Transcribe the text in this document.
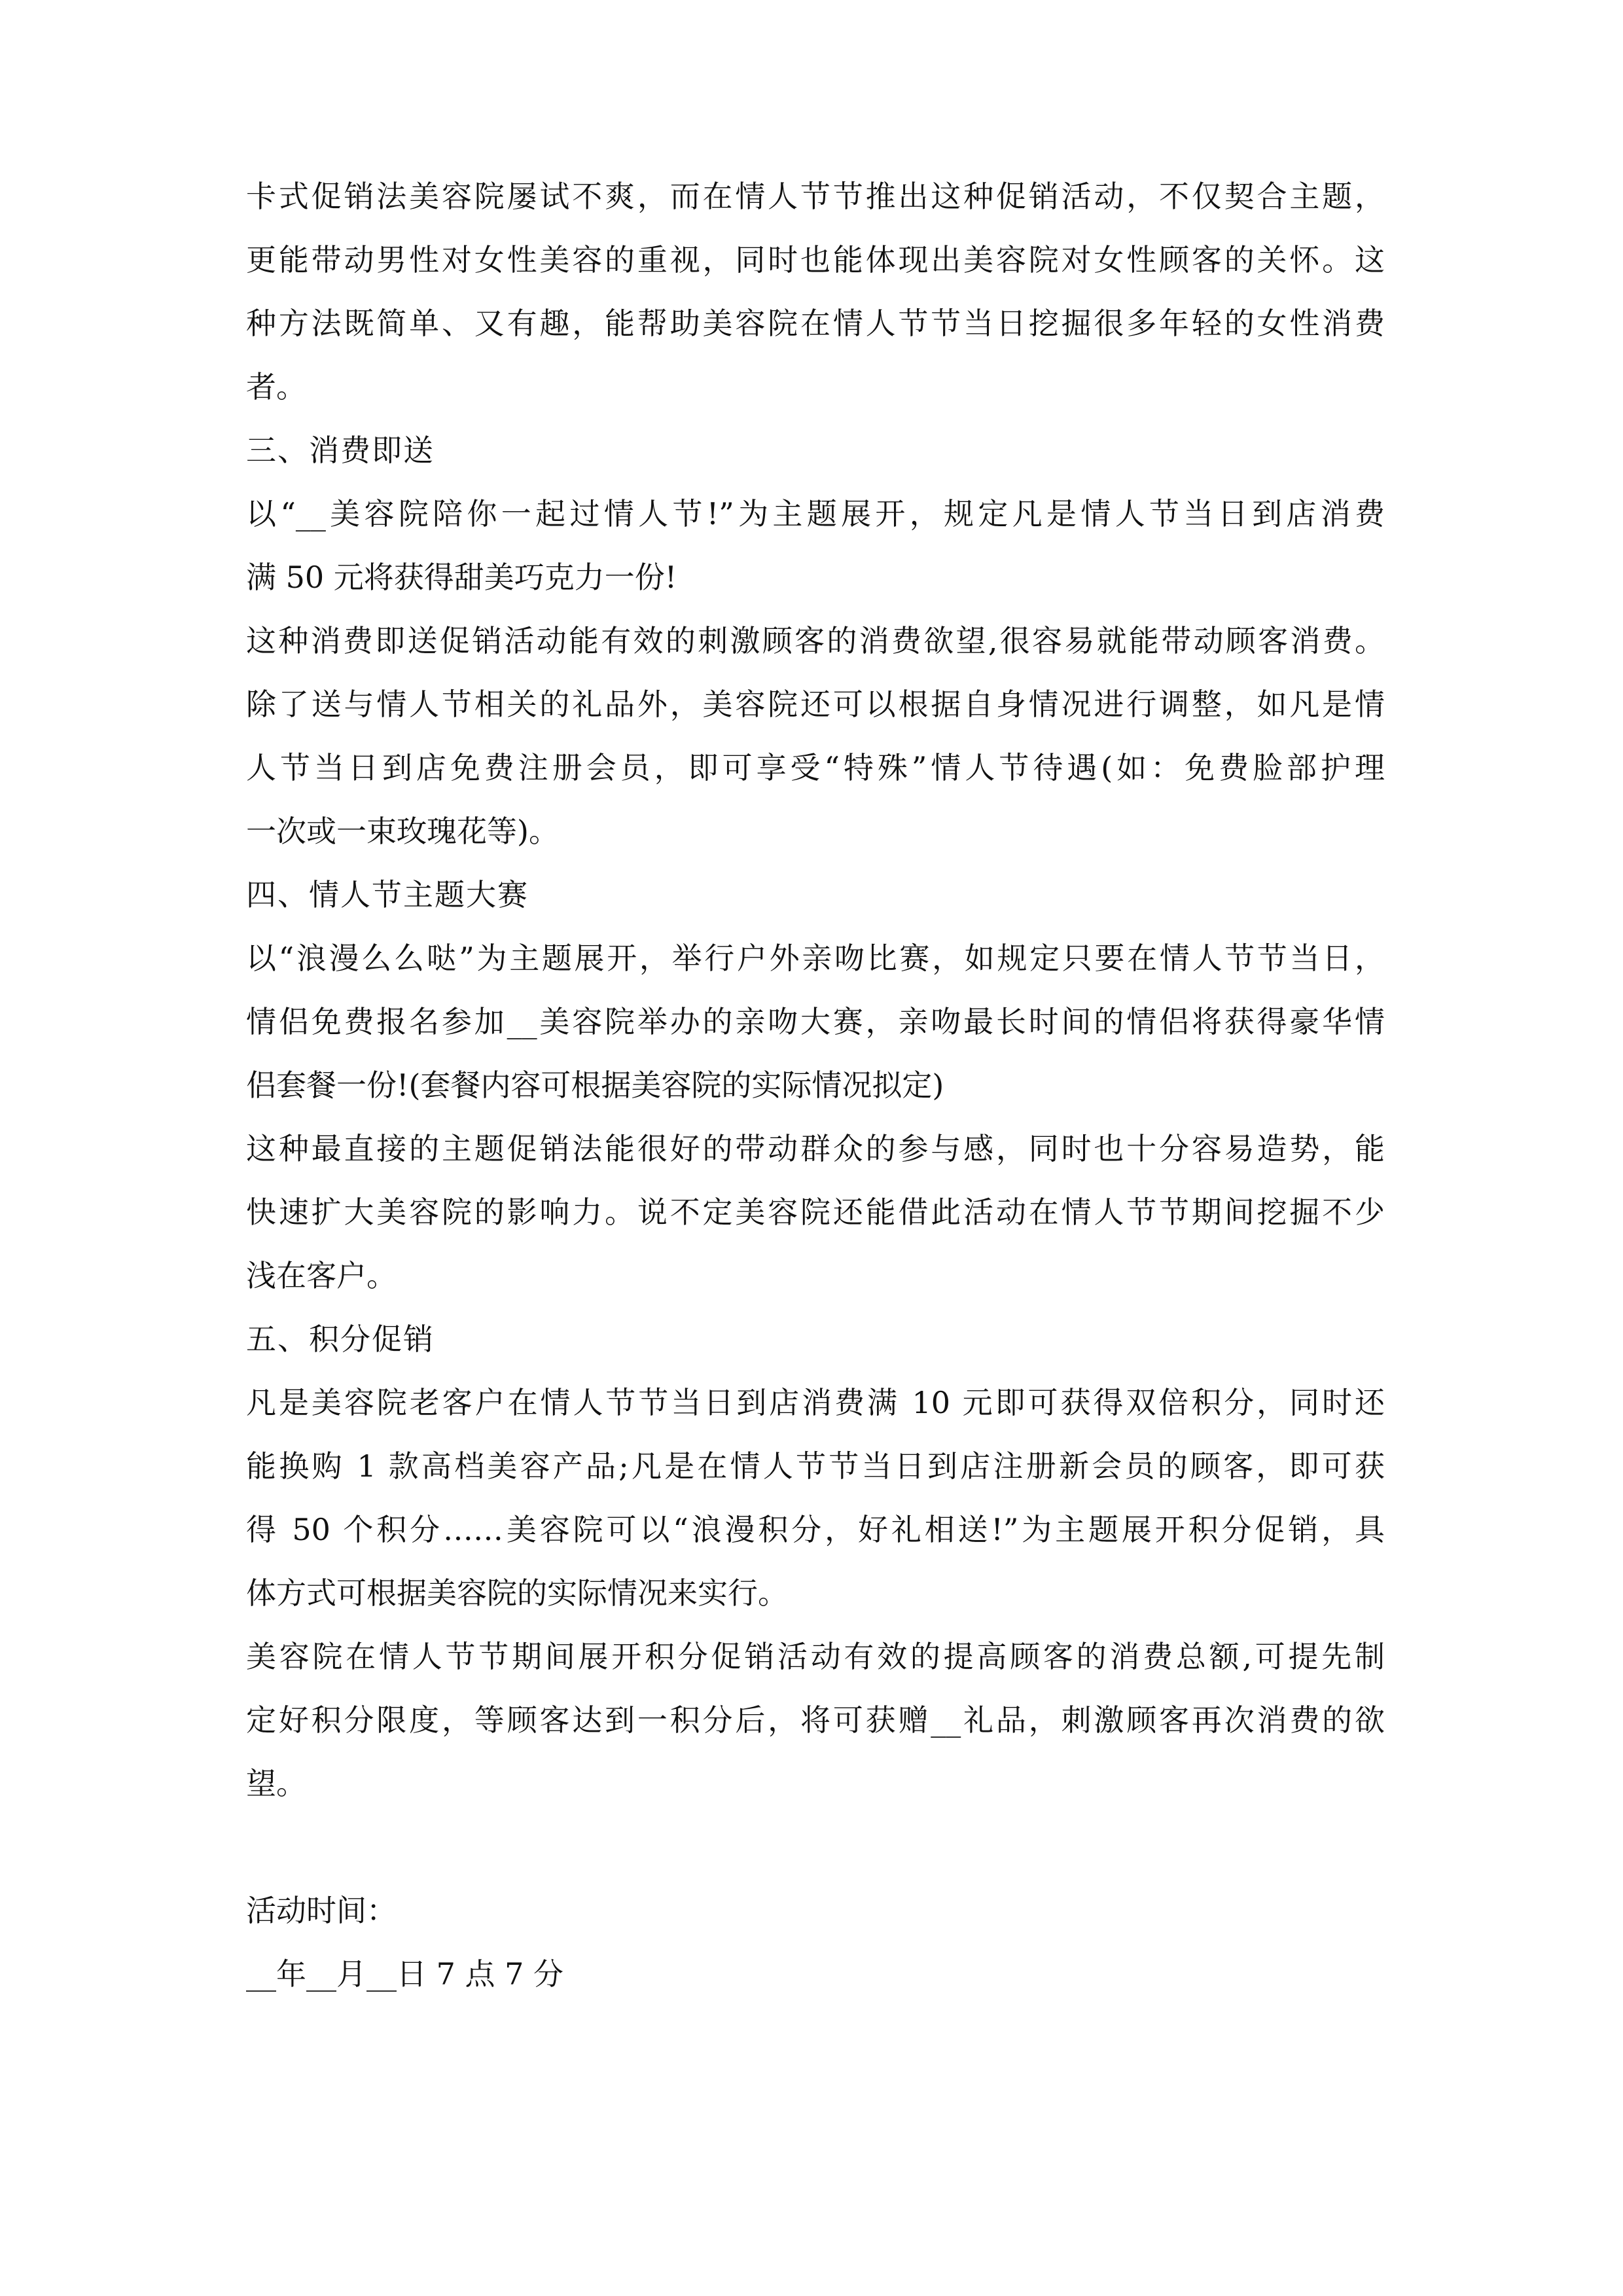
卡式促销法美容院屡试不爽，而在情人节节推出这种促销活动，不仅契合主题，
更能带动男性对女性美容的重视，同时也能体现出美容院对女性顾客的关怀。这
种方法既简单、又有趣，能帮助美容院在情人节节当日挖掘很多年轻的女性消费
者。
三、消费即送
以“__美容院陪你一起过情人节!”为主题展开，规定凡是情人节当日到店消费
满 50 元将获得甜美巧克力一份!
这种消费即送促销活动能有效的刺激顾客的消费欲望,很容易就能带动顾客消费。
除了送与情人节相关的礼品外，美容院还可以根据自身情况进行调整，如凡是情
人节当日到店免费注册会员，即可享受“特殊”情人节待遇(如：免费脸部护理
一次或一束玫瑰花等)。
四、情人节主题大赛
以“浪漫么么哒”为主题展开，举行户外亲吻比赛，如规定只要在情人节节当日，
情侣免费报名参加__美容院举办的亲吻大赛，亲吻最长时间的情侣将获得豪华情
侣套餐一份!(套餐内容可根据美容院的实际情况拟定)
这种最直接的主题促销法能很好的带动群众的参与感，同时也十分容易造势，能
快速扩大美容院的影响力。说不定美容院还能借此活动在情人节节期间挖掘不少
浅在客户。
五、积分促销
凡是美容院老客户在情人节节当日到店消费满 10 元即可获得双倍积分，同时还
能换购 1 款高档美容产品;凡是在情人节节当日到店注册新会员的顾客，即可获
得 50 个积分……美容院可以“浪漫积分，好礼相送!”为主题展开积分促销，具
体方式可根据美容院的实际情况来实行。
美容院在情人节节期间展开积分促销活动有效的提高顾客的消费总额,可提先制
定好积分限度，等顾客达到一积分后，将可获赠__礼品，刺激顾客再次消费的欲
望。
活动时间：
__年__月__日 7 点 7 分
